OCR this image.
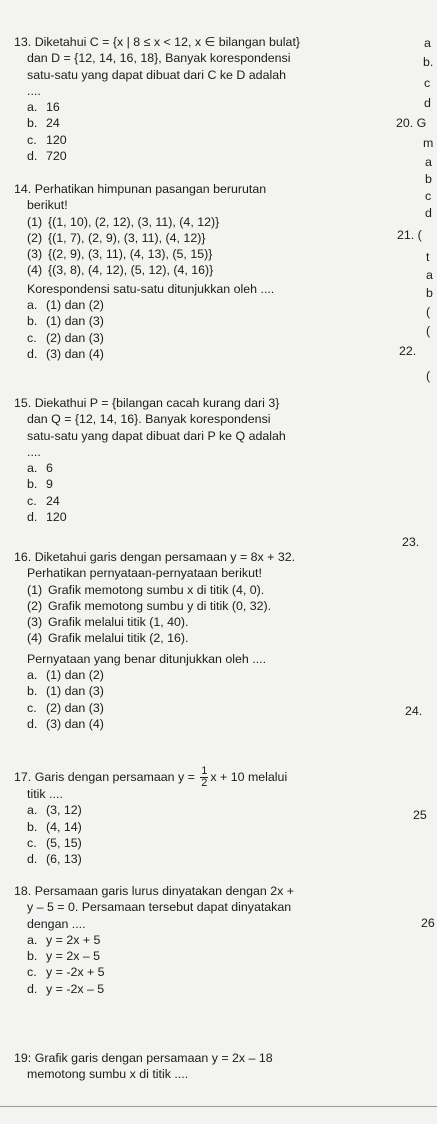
13. Diketahui C = {x | 8 ≤ x < 12, x ∈ bilangan bulat}
dan D = {12, 14, 16, 18}, Banyak korespondensi
satu-satu yang dapat dibuat dari C ke D adalah
....
a. 16
b. 24
c. 120
d. 720
14. Perhatikan himpunan pasangan berurutan
berikut!
(1) {(1, 10), (2, 12), (3, 11), (4, 12)}
(2) {(1, 7), (2, 9), (3, 11), (4, 12)}
(3) {(2, 9), (3, 11), (4, 13), (5, 15)}
(4) {(3, 8), (4, 12), (5, 12), (4, 16)}
Korespondensi satu-satu ditunjukkan oleh ....
a. (1) dan (2)
b. (1) dan (3)
c. (2) dan (3)
d. (3) dan (4)
15. Diekathui P = {bilangan cacah kurang dari 3}
dan Q = {12, 14, 16}. Banyak korespondensi
satu-satu yang dapat dibuat dari P ke Q adalah
....
a. 6
b. 9
c. 24
d. 120
16. Diketahui garis dengan persamaan y = 8x + 32.
Perhatikan pernyataan-pernyataan berikut!
(1) Grafik memotong sumbu x di titik (4, 0).
(2) Grafik memotong sumbu y di titik (0, 32).
(3) Grafik melalui titik (1, 40).
(4) Grafik melalui titik (2, 16).
Pernyataan yang benar ditunjukkan oleh ....
a. (1) dan (2)
b. (1) dan (3)
c. (2) dan (3)
d. (3) dan (4)
17. Garis dengan persamaan $y = \frac{1}{2}$ x + 10 melalui
titik ....
a. (3, 12)
b. (4, 14)
c. (5, 15)
d. (6, 13)
18. Persamaan garis lurus dinyatakan dengan 2x +
y – 5 = 0. Persamaan tersebut dapat dinyatakan
dengan ....
a. y = 2x + 5
b. y = 2x – 5
c. y = -2x + 5
d. y = -2x – 5
19: Grafik garis dengan persamaan y = 2x – 18
memotong sumbu x di titik ....
a
b.
c
d
20. G
m
a
b
c
d
21. (
t
a
b
(
(
22.
(
23.
24.
25
26
